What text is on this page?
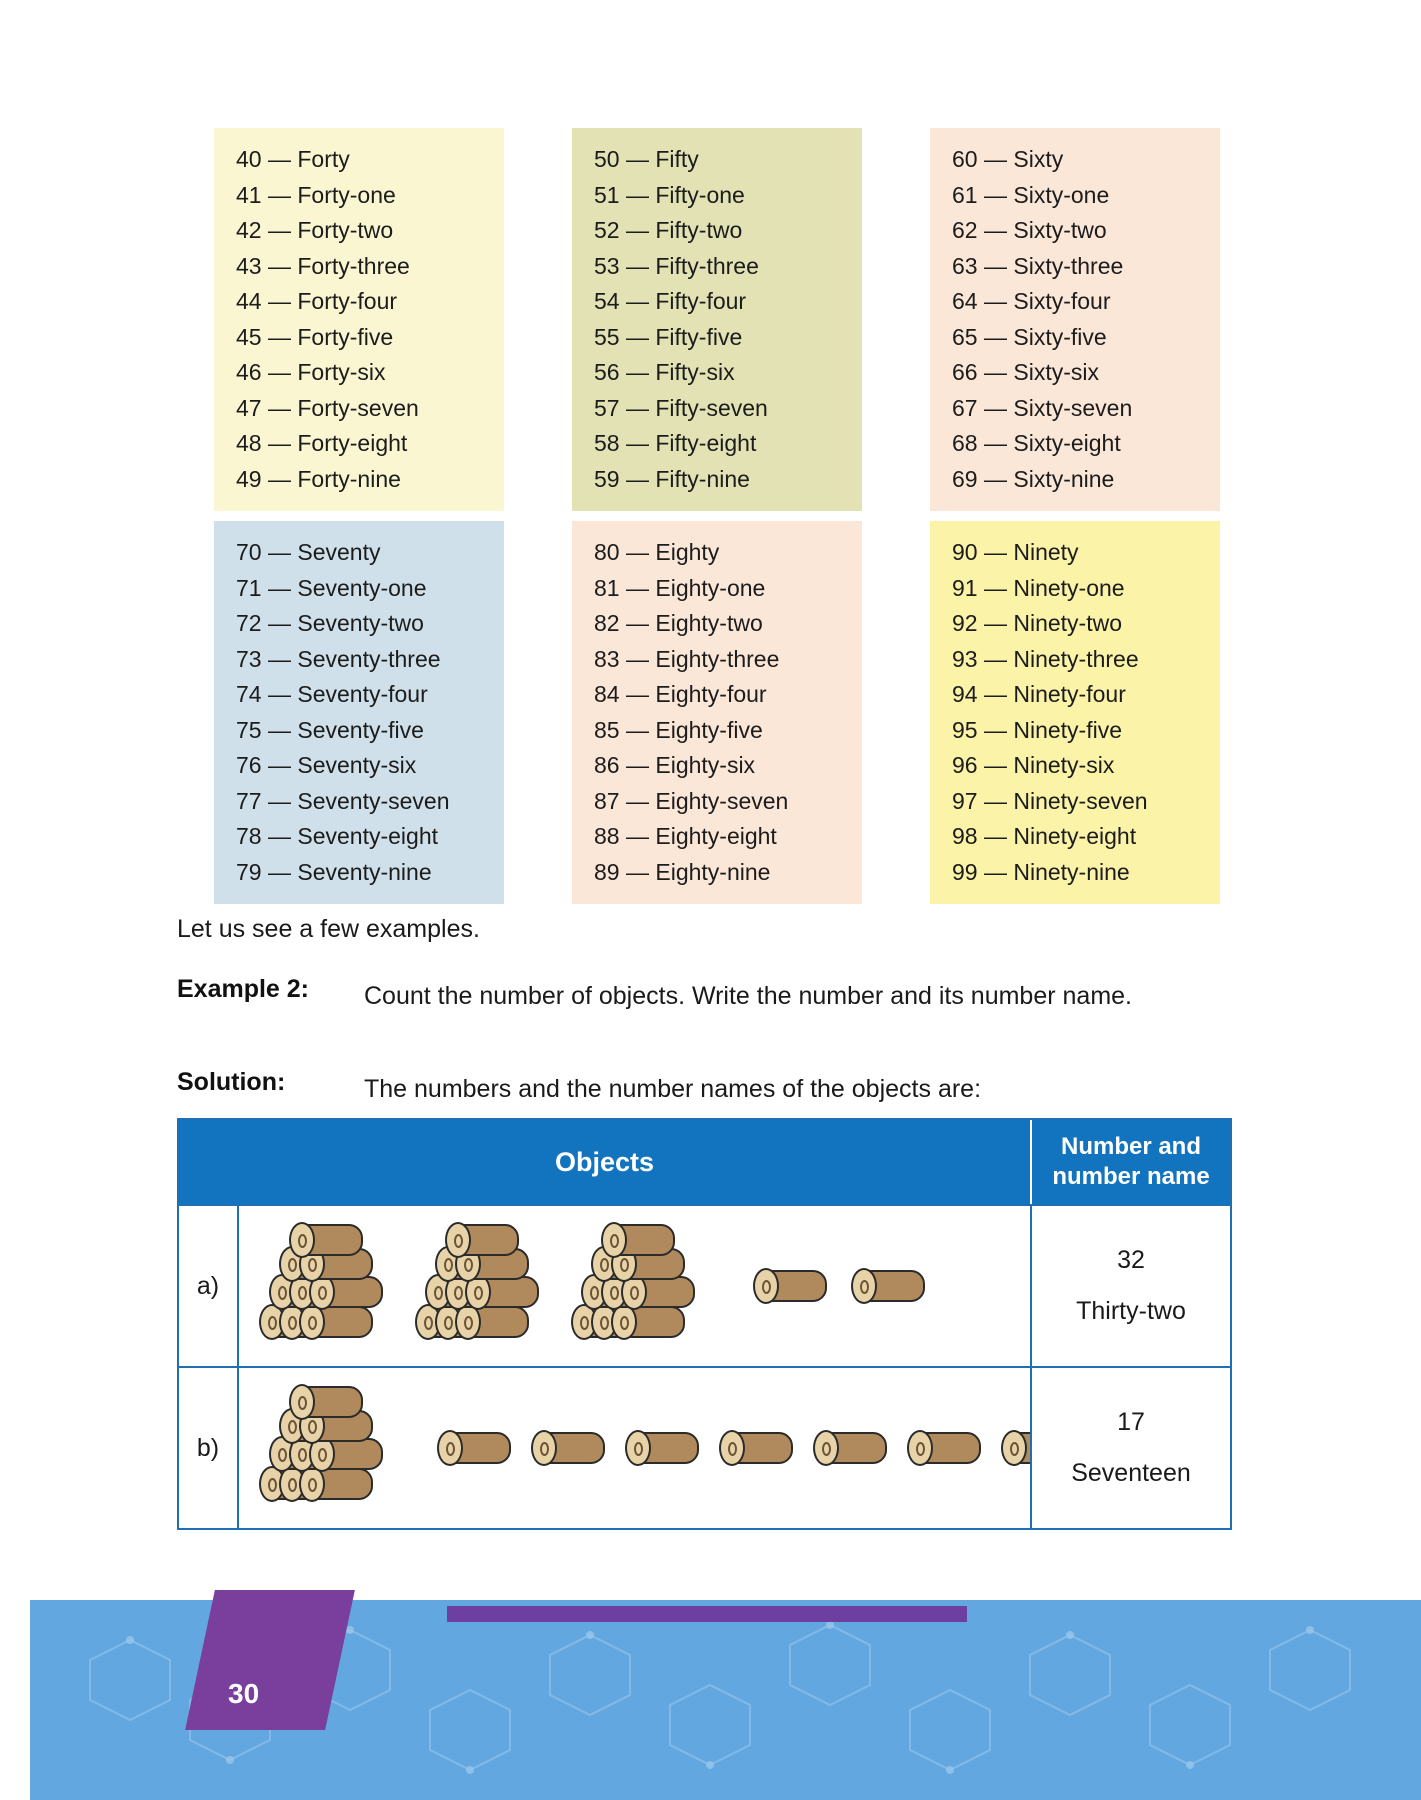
40 — Forty
41 — Forty-one
42 — Forty-two
43 — Forty-three
44 — Forty-four
45 — Forty-five
46 — Forty-six
47 — Forty-seven
48 — Forty-eight
49 — Forty-nine
50 — Fifty
51 — Fifty-one
52 — Fifty-two
53 — Fifty-three
54 — Fifty-four
55 — Fifty-five
56 — Fifty-six
57 — Fifty-seven
58 — Fifty-eight
59 — Fifty-nine
60 — Sixty
61 — Sixty-one
62 — Sixty-two
63 — Sixty-three
64 — Sixty-four
65 — Sixty-five
66 — Sixty-six
67 — Sixty-seven
68 — Sixty-eight
69 — Sixty-nine
70 — Seventy
71 — Seventy-one
72 — Seventy-two
73 — Seventy-three
74 — Seventy-four
75 — Seventy-five
76 — Seventy-six
77 — Seventy-seven
78 — Seventy-eight
79 — Seventy-nine
80 — Eighty
81 — Eighty-one
82 — Eighty-two
83 — Eighty-three
84 — Eighty-four
85 — Eighty-five
86 — Eighty-six
87 — Eighty-seven
88 — Eighty-eight
89 — Eighty-nine
90 — Ninety
91 — Ninety-one
92 — Ninety-two
93 — Ninety-three
94 — Ninety-four
95 — Ninety-five
96 — Ninety-six
97 — Ninety-seven
98 — Ninety-eight
99 — Ninety-nine
Let us see a few examples.
Example 2: Count the number of objects. Write the number and its number name.
Solution:	The numbers and the number names of the objects are:
Objects	Number and number name
a)
32
Thirty-two
b)
17
Seventeen
30
